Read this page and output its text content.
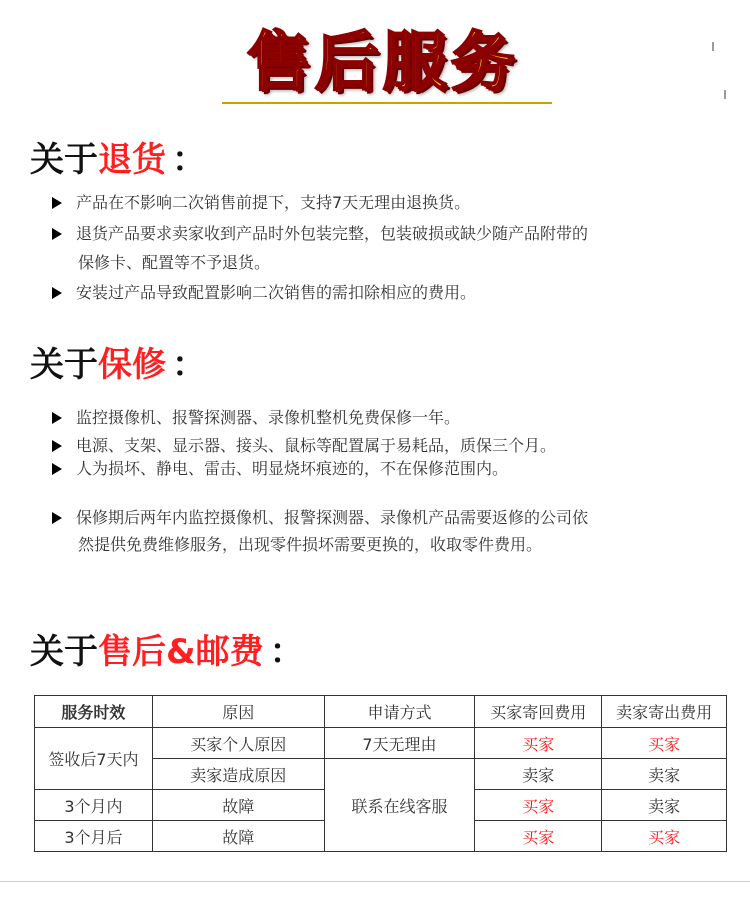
售后服务
关于退货 ：
产品在不影响二次销售前提下，支持7天无理由退换货。
退货产品要求卖家收到产品时外包装完整，包装破损或缺少随产品附带的
保修卡、配置等不予退货。
安装过产品导致配置影响二次销售的需扣除相应的费用。
关于保修 ：
监控摄像机、报警探测器、录像机整机免费保修一年。
电源、支架、显示器、接头、鼠标等配置属于易耗品，质保三个月。
人为损坏、静电、雷击、明显烧坏痕迹的，不在保修范围内。
保修期后两年内监控摄像机、报警探测器、录像机产品需要返修的公司依
然提供免费维修服务，出现零件损坏需要更换的，收取零件费用。
关于售后&邮费 ：
服务时效	原因	申请方式	买家寄回费用	卖家寄出费用
签收后7天内	买家个人原因	7天无理由	买家	买家
	卖家造成原因	联系在线客服	卖家	卖家
3个月内	故障		买家	卖家
3个月后	故障		买家	买家
